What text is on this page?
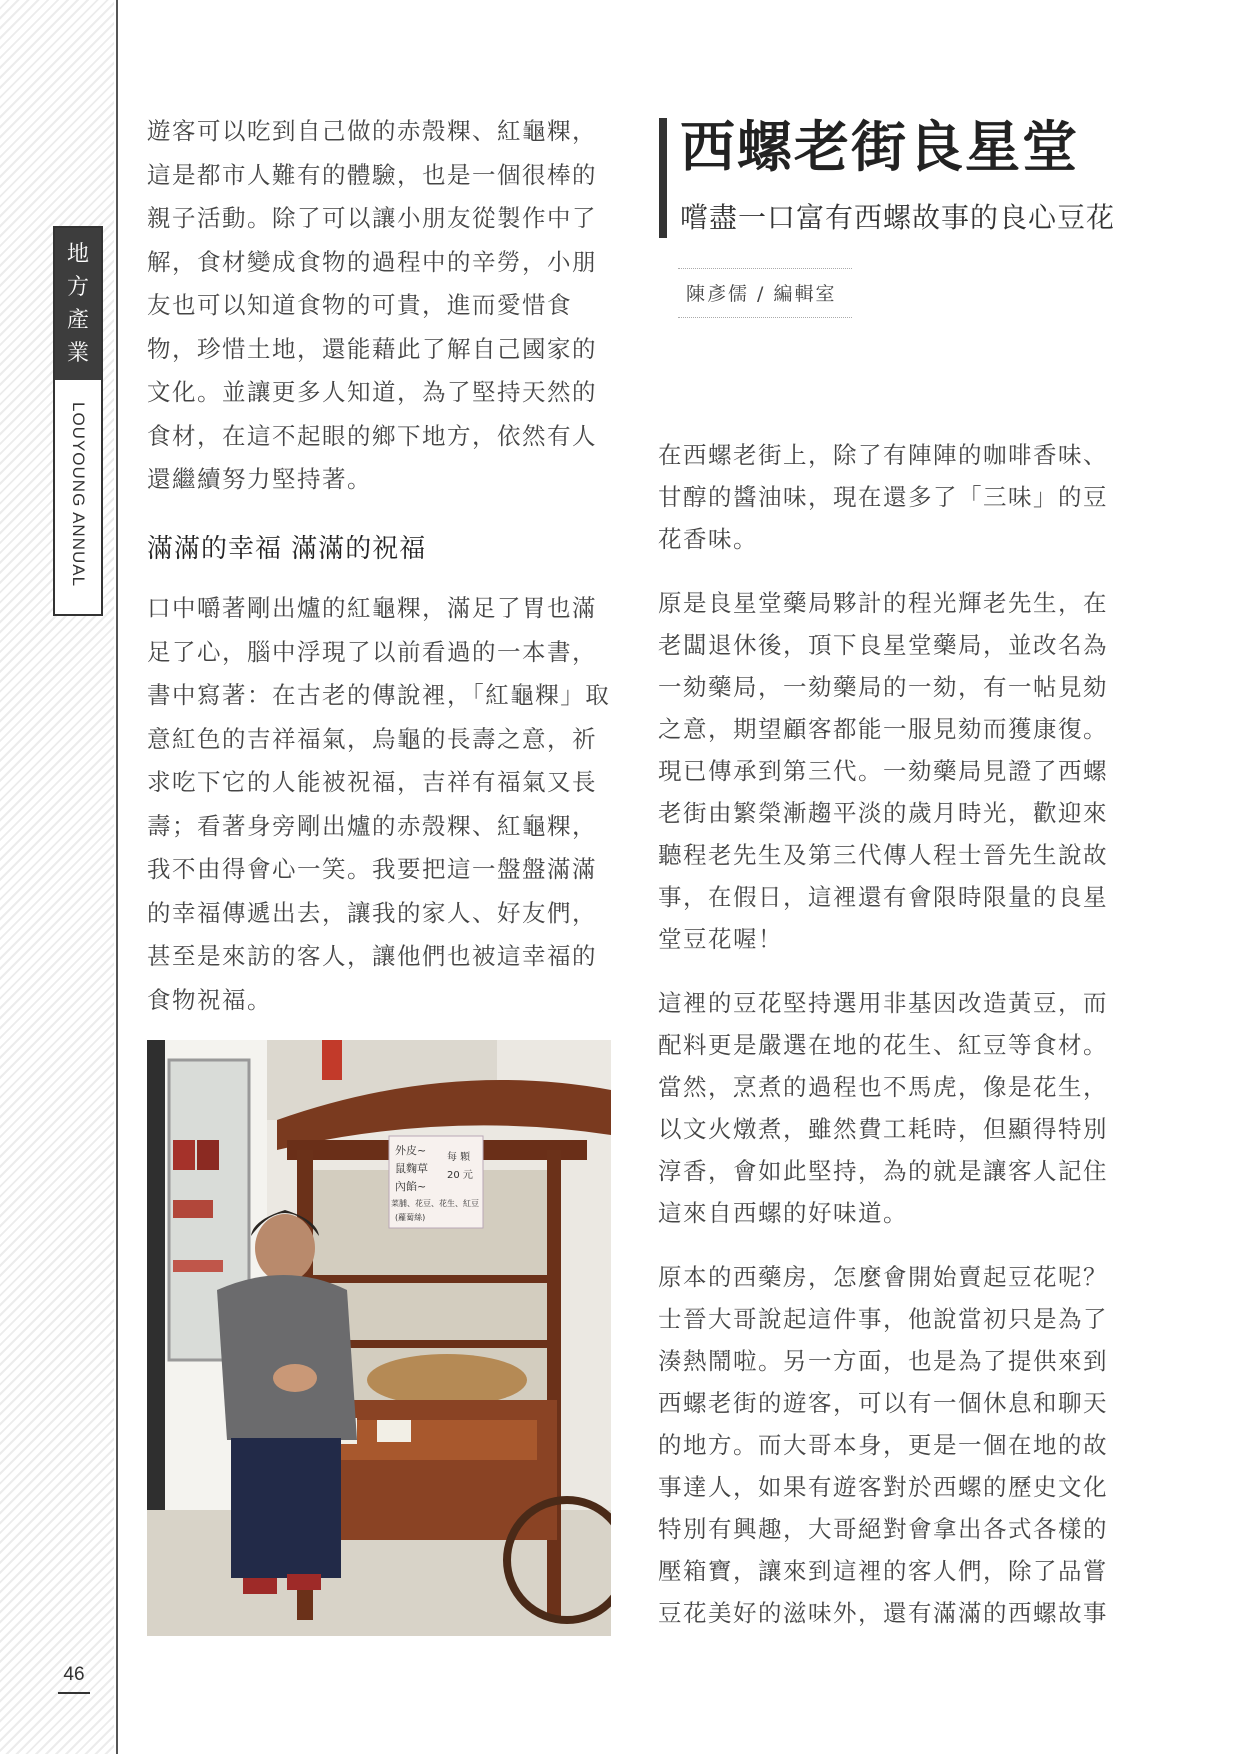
地
方
產
業
LOUYOUNG ANNUAL
46

遊客可以吃到自己做的赤殼粿、紅龜粿，這是都市人難有的體驗，也是一個很棒的親子活動。除了可以讓小朋友從製作中了解，食材變成食物的過程中的辛勞，小朋友也可以知道食物的可貴，進而愛惜食物，珍惜土地，還能藉此了解自己國家的文化。並讓更多人知道，為了堅持天然的食材，在這不起眼的鄉下地方，依然有人還繼續努力堅持著。

滿滿的幸福 滿滿的祝福

口中嚼著剛出爐的紅龜粿，滿足了胃也滿足了心，腦中浮現了以前看過的一本書，書中寫著：在古老的傳說裡，「紅龜粿」取意紅色的吉祥福氣，烏龜的長壽之意，祈求吃下它的人能被祝福，吉祥有福氣又長壽；看著身旁剛出爐的赤殼粿、紅龜粿，我不由得會心一笑。我要把這一盤盤滿滿的幸福傳遞出去，讓我的家人、好友們，甚至是來訪的客人，讓他們也被這幸福的食物祝福。

外皮~
鼠麴草
內餡~
菜脯、花豆、花生、紅豆
(蘿蔔絲)
每 顆
20 元
西螺老街良星堂
嚐盡一口富有西螺故事的良心豆花
陳彥儒 / 編輯室

在西螺老街上，除了有陣陣的咖啡香味、甘醇的醬油味，現在還多了「三味」的豆花香味。

原是良星堂藥局夥計的程光輝老先生，在老闆退休後，頂下良星堂藥局，並改名為一劾藥局，一劾藥局的一劾，有一帖見劾之意，期望顧客都能一服見劾而獲康復。現已傳承到第三代。一劾藥局見證了西螺老街由繁榮漸趨平淡的歲月時光，歡迎來聽程老先生及第三代傳人程士晉先生說故事，在假日，這裡還有會限時限量的良星堂豆花喔！

這裡的豆花堅持選用非基因改造黃豆，而配料更是嚴選在地的花生、紅豆等食材。當然，烹煮的過程也不馬虎，像是花生，以文火燉煮，雖然費工耗時，但顯得特別淳香，會如此堅持，為的就是讓客人記住這來自西螺的好味道。

原本的西藥房，怎麼會開始賣起豆花呢？士晉大哥說起這件事，他說當初只是為了湊熱鬧啦。另一方面，也是為了提供來到西螺老街的遊客，可以有一個休息和聊天的地方。而大哥本身，更是一個在地的故事達人，如果有遊客對於西螺的歷史文化特別有興趣，大哥絕對會拿出各式各樣的壓箱寶，讓來到這裡的客人們，除了品嘗豆花美好的滋味外，還有滿滿的西螺故事
